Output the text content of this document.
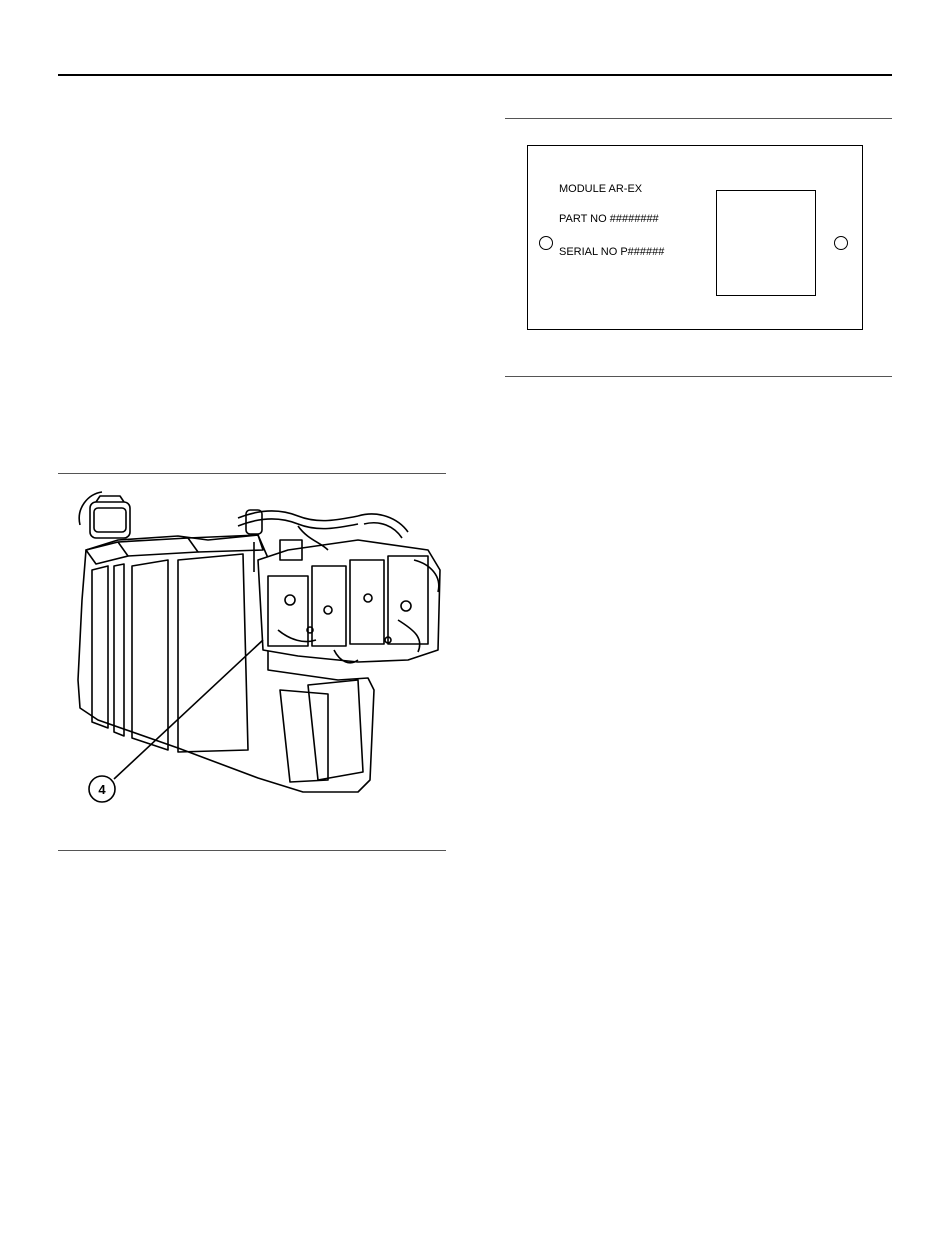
MODULE AR-EX
PART NO ########
SERIAL NO P######
4
